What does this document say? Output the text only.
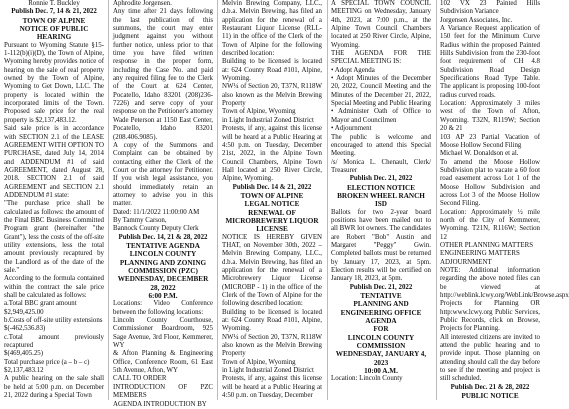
Ronnie T. Buckley

Publish Dec. 7, 14 & 21, 2022

TOWN OF ALPINE

NOTICE OF PUBLIC HEARING

Pursuant to Wyoming Statute §15-1-112(b)(i)(D), the Town of Alpine, Wyoming hereby provides notice of hearing on the sale of real property owned by the Town of Alpine, Wyoming to Get Down, LLC. The property is located within the incorporated limits of the Town. Proposed sale price for the real property is $2,137,483.12.

Said sale price is in accordance with SECTION 2.1 of the LEASE AGREEMENT WITH OPTION TO PURCHASE, dated July 14, 2014 and ADDENDUM #1 of said AGREEMENT, dated August 28, 2018. SECTION 2.1 of said AGREEMENT and SECTION 2.1 ADDENDUM #1 state:

"The purchase price shall be calculated as follows: the amount of the Final BBC Business Committed Program grant (hereinafter "the Grant"), less the costs of the off-site utility extensions, less the total amount previously recaptured by the Landlord as of the date of the sale."

According to the formula contained within the contract the sale price shall be calculated as follows:

a.Total BBC grant amount

$2,949,425.00

b.Costs of off-site utility extensions

$(-462,536.83)

c.Total amount previously recaptured

$(469,405.25)

Total purchase price (a – b – c)

$2,137,483.12

A public hearing on the sale shall be held at 5:00 p.m. on December 21, 2022 during a Special Town

Aphrodite Jorgensen.

Any time after 21 days following the last publication of this summons, the court may enter judgment against you without further notice, unless prior to that time you have filed written response in the proper form, including the Case No. and paid any required filing fee to the Clerk of the Court at 624 Center, Pocatello, Idaho 83201 (208)236-7226) and serve copy of your response on the Petitioner's attorney Wade Peterson at 1150 East Center, Pocatello, Idaho 83201 (208.406.9085).

A copy of the Summons and Complaint can be obtained by contacting either the Clerk of the Court or the attorney for Petitioner. If you wish legal assistance, you should immediately retain an attorney to advise you in this matter.

Dated: 11/1/2022 11:00:00 AM

By Tammy Carson,

Bannock County Deputy Clerk

Publish Dec. 14, 21 & 28, 2022

TENTATIVE AGENDA

LINCOLN COUNTY

PLANNING AND ZONING

COMMISSION (PZC)

WEDNESDAY, DECEMBER 28, 2022

6:00 P.M.

Locations: Video Conference between the following locations:

Lincoln County Courthouse, Commissioner Boardroom, 925 Sage Avenue, 3rd Floor, Kemmerer, WY

& Afton Planning & Engineering Office, Conference Room, 61 East 5th Avenue, Afton, WY

CALL TO ORDER

INTRODUCTION OF PZC MEMBERS

AGENDA INTRODUCTION BY

Melvin Brewing Company, LLC., d.b.a. Melvin Brewing, has filed an application for the renewal of a Restaurant Liquor License (RLL-11) in the office of the Clerk of the Town of Alpine for the following described location:

Building to be licensed is located at: 624 County Road #101, Alpine, Wyoming.

NW¼ of Section 20, T37N, R118W also known as the Melvin Brewing Property

Town of Alpine, Wyoming

in Light Industrial Zoned District

Protests, if any, against this license will be heard at a Public Hearing at 4:50 p.m. on Tuesday, December 21st, 2022, in the Alpine Town Council Chambers, Alpine Town Hall located at 250 River Circle, Alpine, Wyoming.

Publish Dec. 14 & 21, 2022

TOWN OF ALPINE

LEGAL NOTICE

RENEWAL OF

MICROBREWERY LIQUOR

LICENSE

NOTICE IS HEREBY GIVEN THAT, on November 30th, 2022 – Melvin Brewing Company, LLC., d.b.a. Melvin Brewing, has filed an application for the renewal of a Microbrewery Liquor License (MICROBP - 1) in the office of the Clerk of the Town of Alpine for the following described location:

Building to be licensed is located at: 624 County Road #101, Alpine, Wyoming.

NW¼ of Section 20, T37N, R118W also known as the Melvin Brewing Property

Town of Alpine, Wyoming

in Light Industrial Zoned District

Protests, if any, against this license will be heard at a Public Hearing at 4:50 p.m. on Tuesday, December

A SPECIAL TOWN COUNCIL MEETING on Wednesday, January 4th, 2023, at 7:00 p.m., at the Alpine Town Council Chambers located at 250 River Circle, Alpine, Wyoming.

THE AGENDA FOR THE SPECIAL MEETING IS:

• Adopt Agenda

• Adopt Minutes of the December 20, 2022, Council Meeting and the Minutes of the December 21, 2022, Special Meeting and Public Hearing

• Administer Oath of Office to Mayor and Councilmen

• Adjournment

The public is welcome and encouraged to attend this Special Meeting.

/s/ Monica L. Chenault, Clerk/ Treasurer

Publish Dec. 21, 2022

ELECTION NOTICE

BROKEN WHEEL RANCH ISD

Ballots for two 2-year board positions have been mailed out to all BWR lot owners. The candidates are Robert "Bob" Austin and Margaret "Peggy" Gwin. Completed ballots must be returned by January 17, 2023, at 5pm. Election results will be certified on January 18, 2023, at 5pm.

Publish Dec. 21, 2022

TENTATIVE

PLANNING AND

ENGINEERING OFFICE

AGENDA

FOR

LINCOLN COUNTY

COMMISSION

WEDNESDAY, JANUARY 4, 2023

10:00 A.M.

Location: Lincoln County

102 VX 23 Painted Hills Subdivision Variance

Jorgensen Associates, Inc.

A Variance Request application of 150 feet for the Minimum Curve Radius within the proposed Painted Hills Subdivision from the 230-foot foot requirement of CH 4.8 Subdivision Road Design Specifications Road Type Table. The applicant is proposing 100-foot radius curved roads.

Location: Approximately 3 miles west of the Town of Afton, Wyoming. T32N, R119W; Section 20 & 21

103 AP 23 Partial Vacation of Moose Hollow Second Filing

Michael W. Donaldson et al.

To amend the Moose Hollow Subdivision plat to vacate a 60 foot road easement across Lot 1 of the Moose Hollow Subdivision and across Lot 3 of the Moose Hollow Second Filing.

Location: Approximately ½ mile north of the City of Kemmerer, Wyoming. T21N, R116W; Section 12

OTHER PLANNING MATTERS

ENGINEERING MATTERS

ADJOURNMENT

NOTE: Additional information regarding the above noted files can be viewed at http://weblink.lcwy.org/WebLink/Browse.aspx Projects for Planning OR http:www.lcwy.org Public Services, Public Records, click on Browse, Projects for Planning.

All interested citizens are invited to attend the public hearing and to provide input. Those planning on attending should call the day before to see if the meeting and project is still scheduled.

Publish Dec. 21 & 28, 2022

PUBLIC NOTICE
